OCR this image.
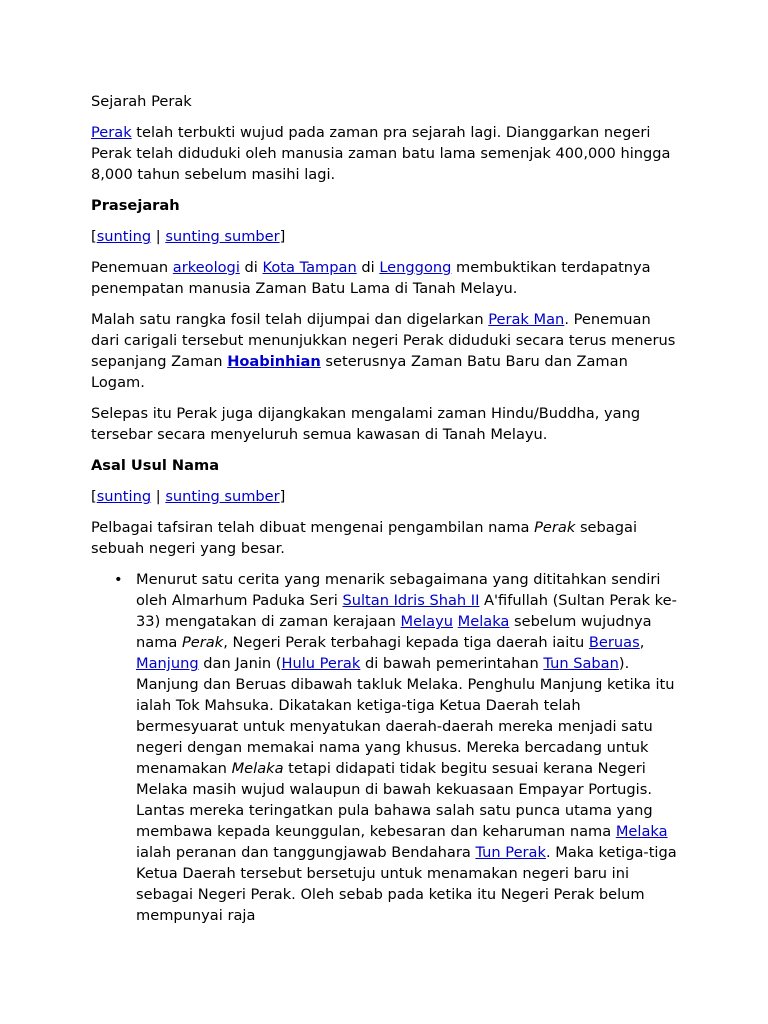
Sejarah Perak

Perak telah terbukti wujud pada zaman pra sejarah lagi. Dianggarkan negeri Perak telah diduduki oleh manusia zaman batu lama semenjak 400,000 hingga 8,000 tahun sebelum masihi lagi.

Prasejarah

[sunting | sunting sumber]

Penemuan arkeologi di Kota Tampan di Lenggong membuktikan terdapatnya penempatan manusia Zaman Batu Lama di Tanah Melayu.

Malah satu rangka fosil telah dijumpai dan digelarkan Perak Man. Penemuan dari carigali tersebut menunjukkan negeri Perak diduduki secara terus menerus sepanjang Zaman Hoabinhian seterusnya Zaman Batu Baru dan Zaman Logam.

Selepas itu Perak juga dijangkakan mengalami zaman Hindu/Buddha, yang tersebar secara menyeluruh semua kawasan di Tanah Melayu.

Asal Usul Nama

[sunting | sunting sumber]

Pelbagai tafsiran telah dibuat mengenai pengambilan nama Perak sebagai sebuah negeri yang besar.

• Menurut satu cerita yang menarik sebagaimana yang dititahkan sendiri oleh Almarhum Paduka Seri Sultan Idris Shah II A'fifullah (Sultan Perak ke-33) mengatakan di zaman kerajaan Melayu Melaka sebelum wujudnya nama Perak, Negeri Perak terbahagi kepada tiga daerah iaitu Beruas, Manjung dan Janin (Hulu Perak di bawah pemerintahan Tun Saban). Manjung dan Beruas dibawah takluk Melaka. Penghulu Manjung ketika itu ialah Tok Mahsuka. Dikatakan ketiga-tiga Ketua Daerah telah bermesyuarat untuk menyatukan daerah-daerah mereka menjadi satu negeri dengan memakai nama yang khusus. Mereka bercadang untuk menamakan Melaka tetapi didapati tidak begitu sesuai kerana Negeri Melaka masih wujud walaupun di bawah kekuasaan Empayar Portugis. Lantas mereka teringatkan pula bahawa salah satu punca utama yang membawa kepada keunggulan, kebesaran dan keharuman nama Melaka ialah peranan dan tanggungjawab Bendahara Tun Perak. Maka ketiga-tiga Ketua Daerah tersebut bersetuju untuk menamakan negeri baru ini sebagai Negeri Perak. Oleh sebab pada ketika itu Negeri Perak belum mempunyai raja
